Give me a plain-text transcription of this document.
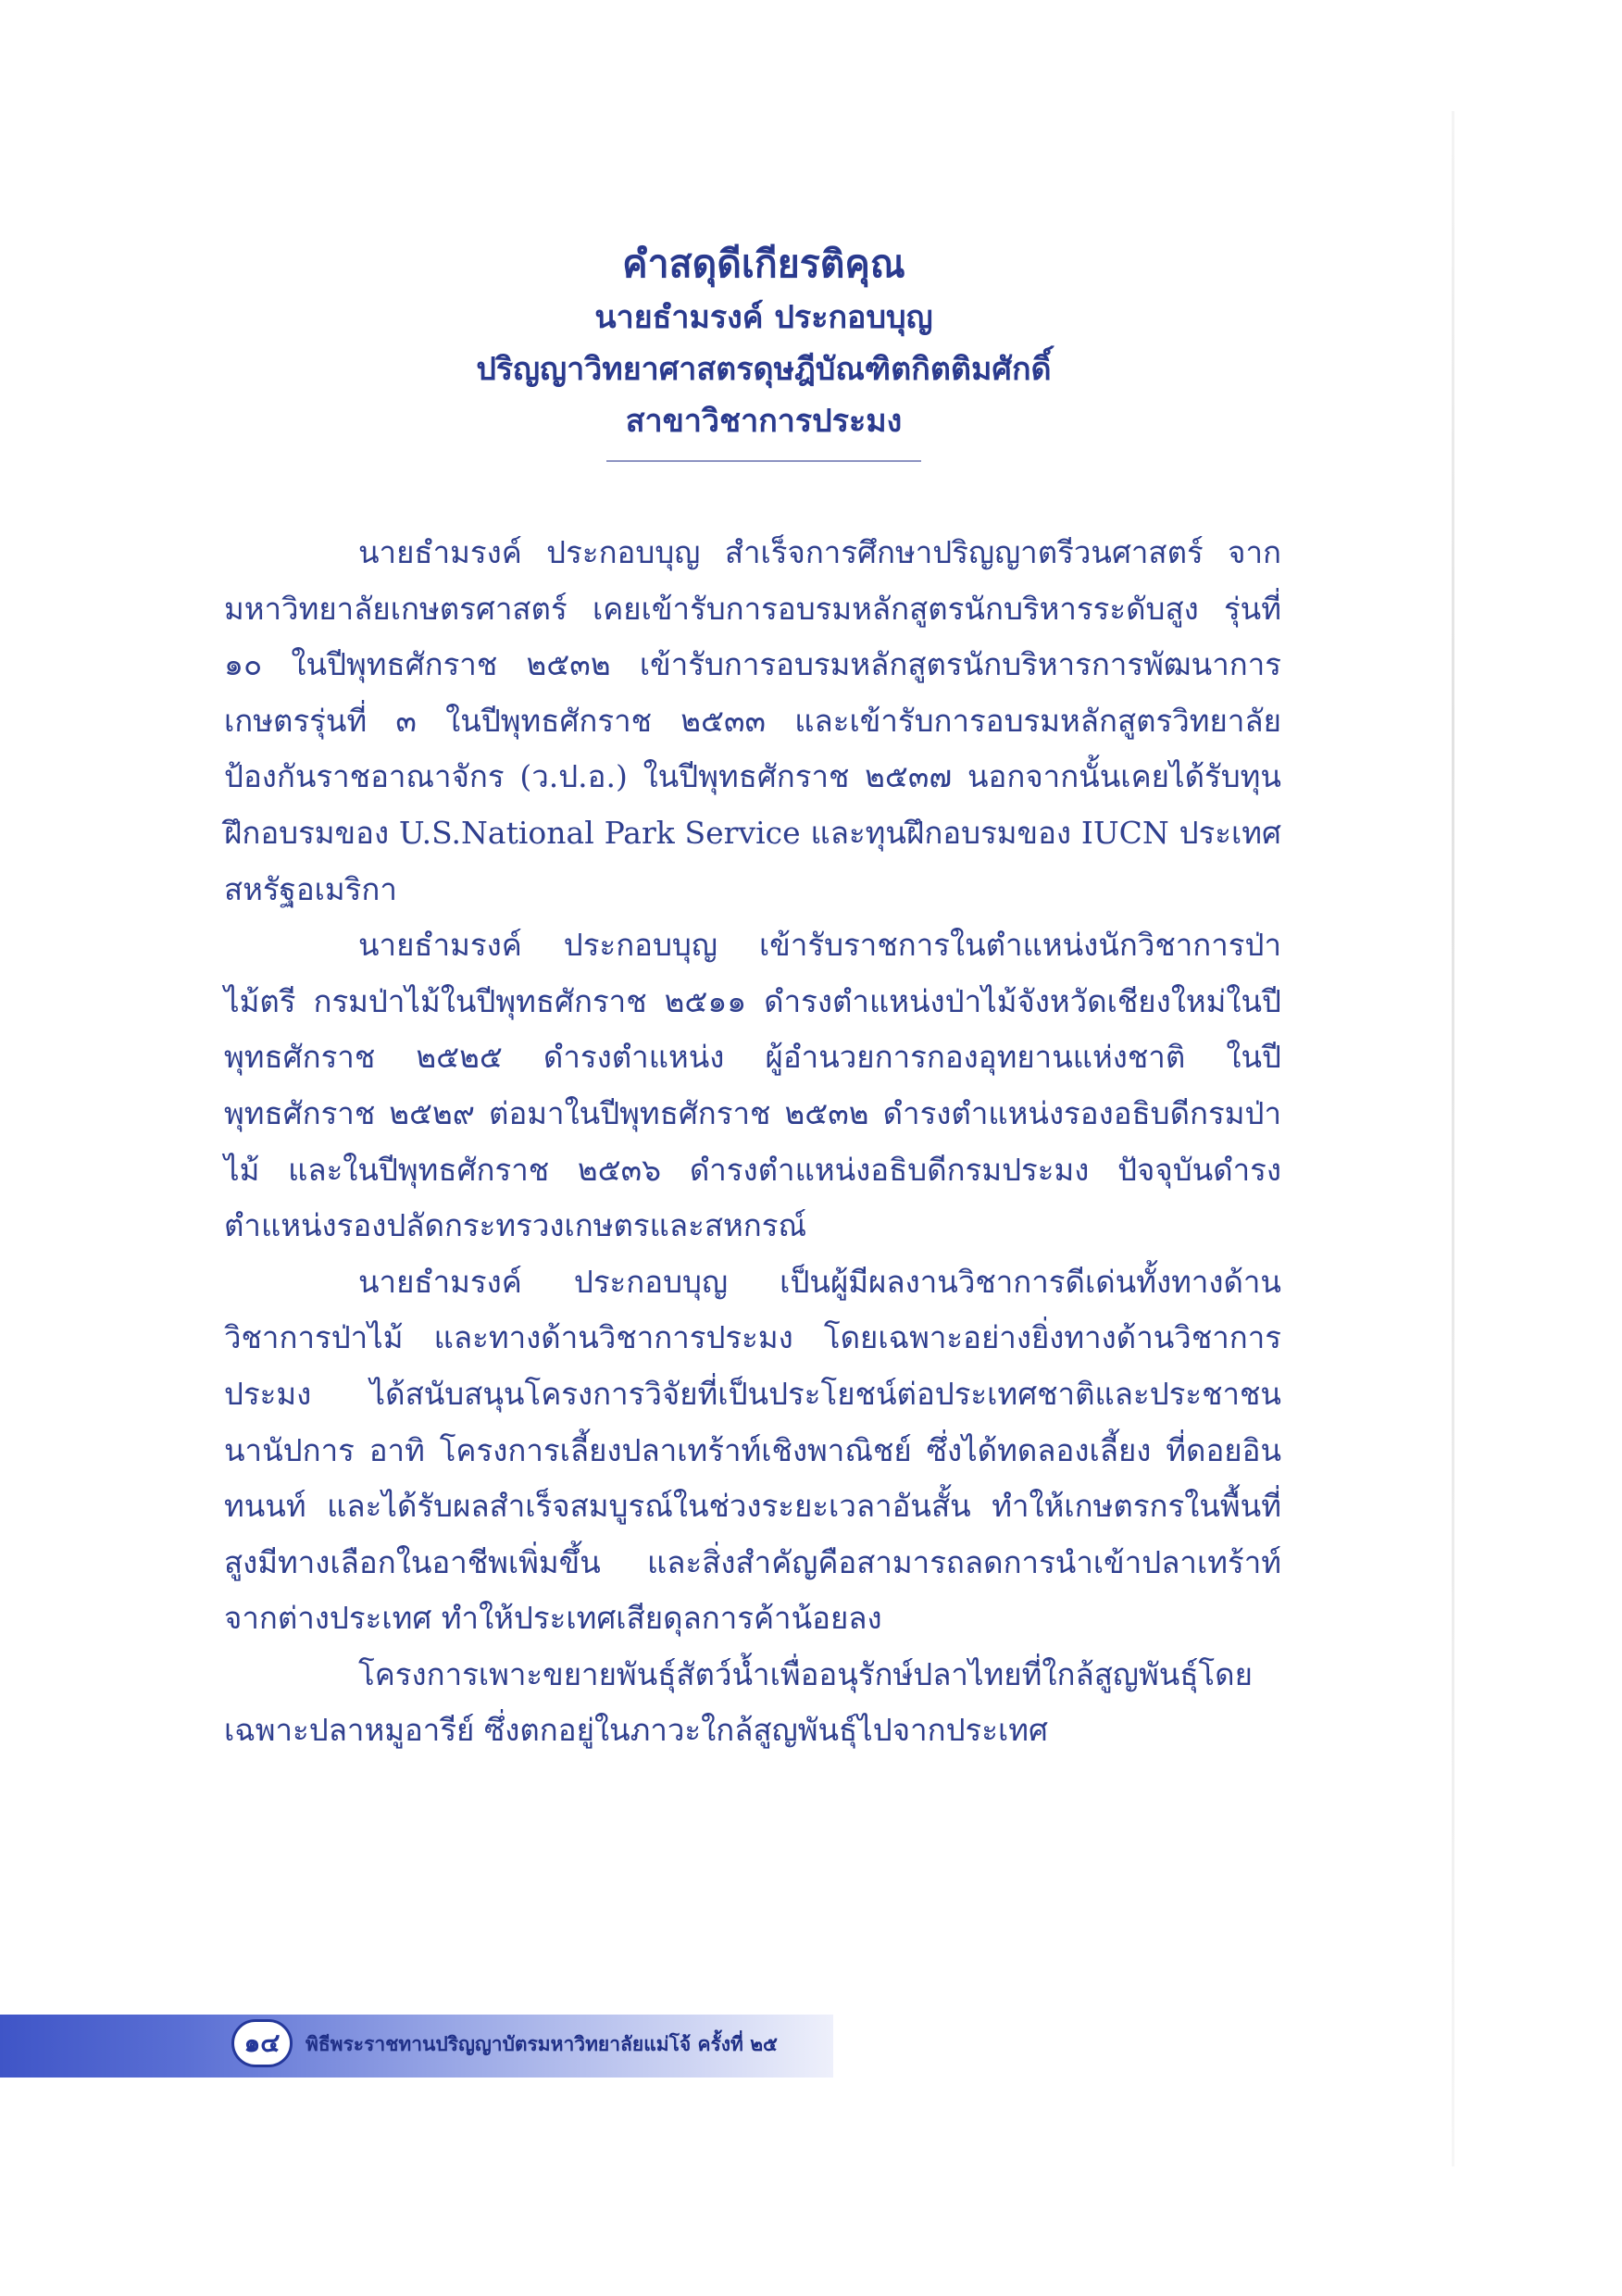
คำสดุดีเกียรติคุณ

นายธำมรงค์ ประกอบบุญ

ปริญญาวิทยาศาสตรดุษฎีบัณฑิตกิตติมศักดิ์

สาขาวิชาการประมง

นายธำมรงค์ ประกอบบุญ สำเร็จการศึกษาปริญญาตรีวนศาสตร์ จากมหาวิทยาลัยเกษตรศาสตร์ เคยเข้ารับการอบรมหลักสูตรนักบริหารระดับสูง รุ่นที่ ๑๐ ในปีพุทธศักราช ๒๕๓๒ เข้ารับการอบรมหลักสูตรนักบริหารการพัฒนาการเกษตรรุ่นที่ ๓ ในปีพุทธศักราช ๒๕๓๓ และเข้ารับการอบรมหลักสูตรวิทยาลัยป้องกันราชอาณาจักร (ว.ป.อ.) ในปีพุทธศักราช ๒๕๓๗ นอกจากนั้นเคยได้รับทุนฝึกอบรมของ U.S.National Park Service และทุนฝึกอบรมของ IUCN ประเทศสหรัฐอเมริกา

นายธำมรงค์ ประกอบบุญ เข้ารับราชการในตำแหน่งนักวิชาการป่าไม้ตรี กรมป่าไม้ในปีพุทธศักราช ๒๕๑๑ ดำรงตำแหน่งป่าไม้จังหวัดเชียงใหม่ในปีพุทธศักราช ๒๕๒๕ ดำรงตำแหน่ง ผู้อำนวยการกองอุทยานแห่งชาติ ในปีพุทธศักราช ๒๕๒๙ ต่อมาในปีพุทธศักราช ๒๕๓๒ ดำรงตำแหน่งรองอธิบดีกรมป่าไม้ และในปีพุทธศักราช ๒๕๓๖ ดำรงตำแหน่งอธิบดีกรมประมง ปัจจุบันดำรงตำแหน่งรองปลัดกระทรวงเกษตรและสหกรณ์

นายธำมรงค์ ประกอบบุญ เป็นผู้มีผลงานวิชาการดีเด่นทั้งทางด้านวิชาการป่าไม้ และทางด้านวิชาการประมง โดยเฉพาะอย่างยิ่งทางด้านวิชาการประมง ได้สนับสนุนโครงการวิจัยที่เป็นประโยชน์ต่อประเทศชาติและประชาชน นานัปการ อาทิ โครงการเลี้ยงปลาเทร้าท์เชิงพาณิชย์ ซึ่งได้ทดลองเลี้ยง ที่ดอยอินทนนท์ และได้รับผลสำเร็จสมบูรณ์ในช่วงระยะเวลาอันสั้น ทำให้เกษตรกรในพื้นที่สูงมีทางเลือกในอาชีพเพิ่มขึ้น และสิ่งสำคัญคือสามารถลดการนำเข้าปลาเทร้าท์จากต่างประเทศ ทำให้ประเทศเสียดุลการค้าน้อยลง

โครงการเพาะขยายพันธุ์สัตว์น้ำเพื่ออนุรักษ์ปลาไทยที่ใกล้สูญพันธุ์โดยเฉพาะปลาหมูอารีย์ ซึ่งตกอยู่ในภาวะใกล้สูญพันธุ์ไปจากประเทศ

๑๔	พิธีพระราชทานปริญญาบัตรมหาวิทยาลัยแม่โจ้ ครั้งที่ ๒๕
